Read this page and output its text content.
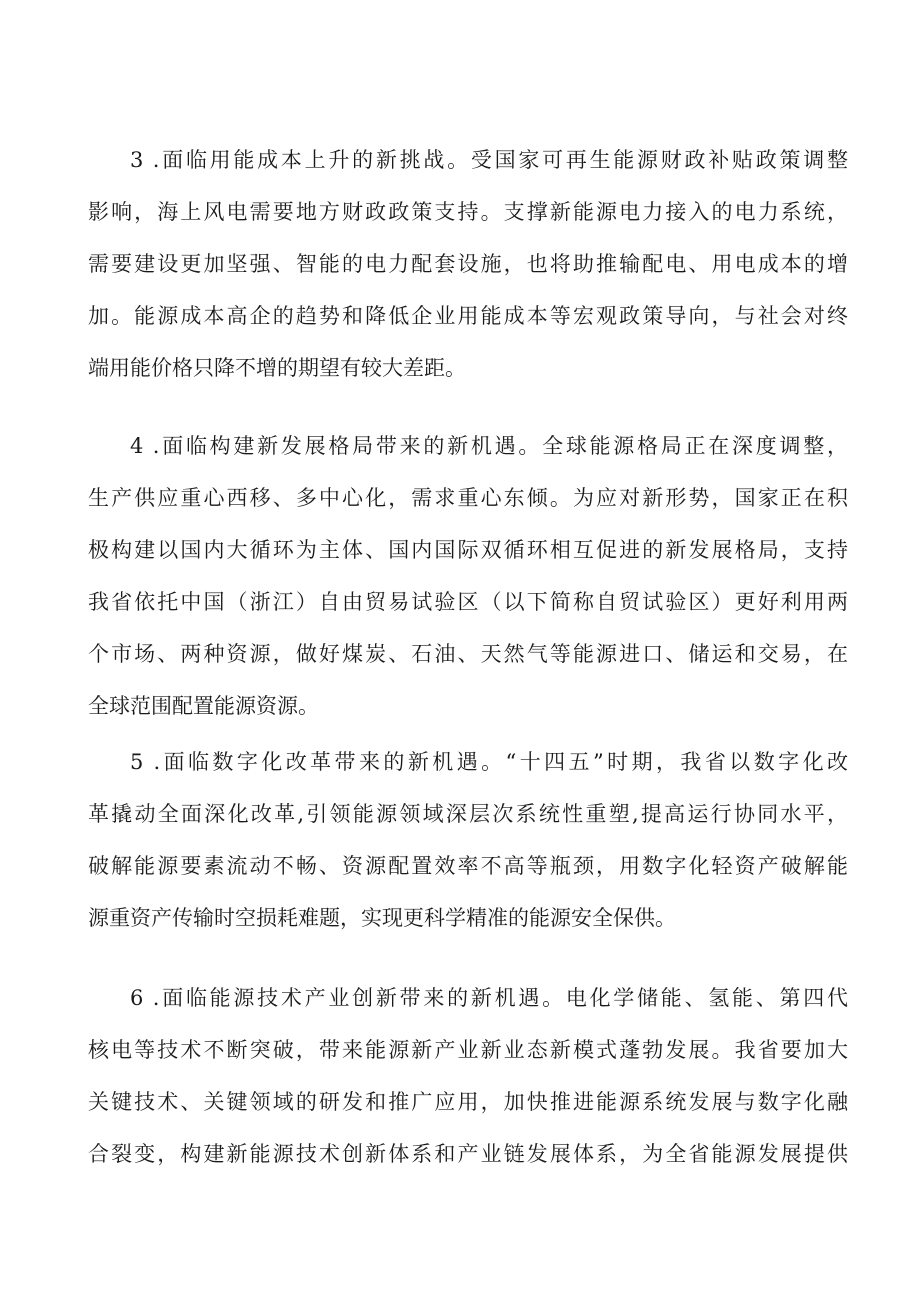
3 .面临用能成本上升的新挑战。受国家可再生能源财政补贴政策调整
影响，海上风电需要地方财政政策支持。支撑新能源电力接入的电力系统，
需要建设更加坚强、智能的电力配套设施，也将助推输配电、用电成本的增
加。能源成本高企的趋势和降低企业用能成本等宏观政策导向，与社会对终
端用能价格只降不增的期望有较大差距。
4 .面临构建新发展格局带来的新机遇。全球能源格局正在深度调整，
生产供应重心西移、多中心化，需求重心东倾。为应对新形势，国家正在积
极构建以国内大循环为主体、国内国际双循环相互促进的新发展格局，支持
我省依托中国（浙江）自由贸易试验区（以下简称自贸试验区）更好利用两
个市场、两种资源，做好煤炭、石油、天然气等能源进口、储运和交易，在
全球范围配置能源资源。
5 .面临数字化改革带来的新机遇。“十四五”时期，我省以数字化改
革撬动全面深化改革,引领能源领域深层次系统性重塑,提高运行协同水平，
破解能源要素流动不畅、资源配置效率不高等瓶颈，用数字化轻资产破解能
源重资产传输时空损耗难题，实现更科学精准的能源安全保供。
6 .面临能源技术产业创新带来的新机遇。电化学储能、氢能、第四代
核电等技术不断突破，带来能源新产业新业态新模式蓬勃发展。我省要加大
关键技术、关键领域的研发和推广应用，加快推进能源系统发展与数字化融
合裂变，构建新能源技术创新体系和产业链发展体系，为全省能源发展提供
